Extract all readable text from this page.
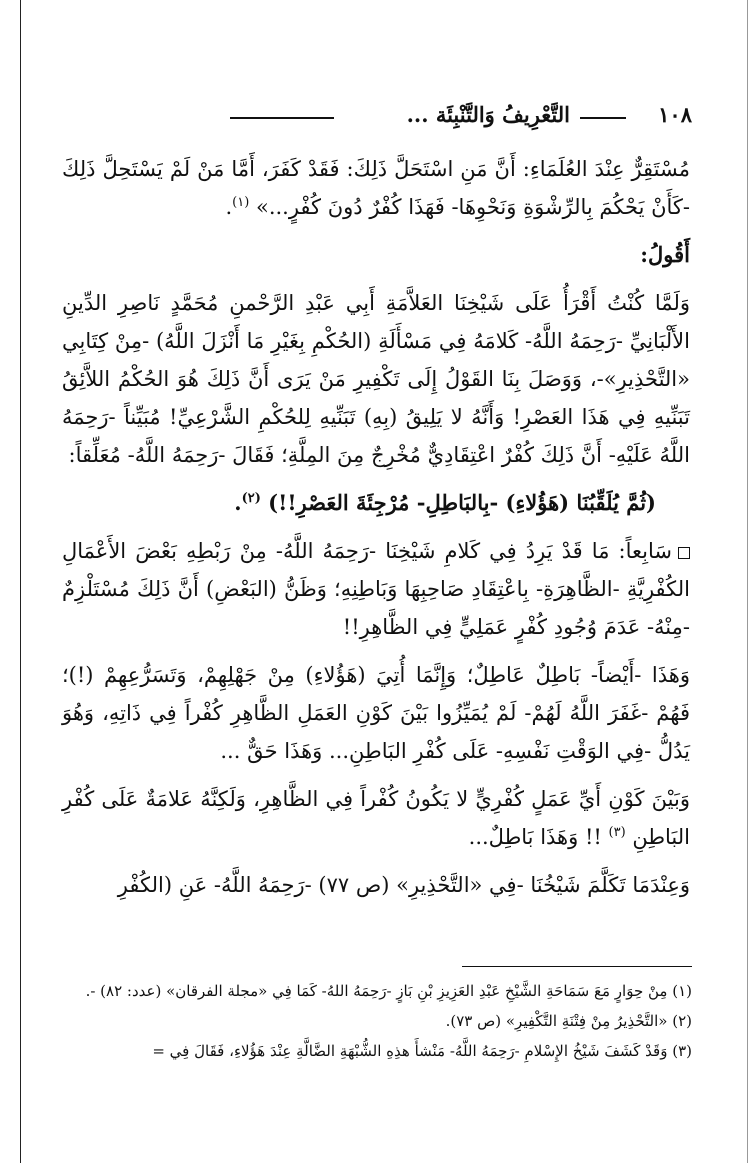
١٠٨
التَّعْرِيفُ وَالتَّنْبِئَة ...

مُسْتَقِرٌّ عِنْدَ العُلَمَاءِ: أَنَّ مَنِ اسْتَحَلَّ ذَلِكَ: فَقَدْ كَفَرَ، أَمَّا مَنْ لَمْ يَسْتَحِلَّ ذَلِكَ -كَأَنْ يَحْكُمَ بِالرِّشْوَةِ وَنَحْوِهَا- فَهَذَا كُفْرٌ دُونَ كُفْرٍ...» $^{(١)}$.

أَقُولُ:

وَلَمَّا كُنْتُ أَقْرَأُ عَلَى شَيْخِنَا العَلاَّمَةِ أَبِي عَبْدِ الرَّحْمنِ مُحَمَّدٍ نَاصِرِ الدِّينِ الأَلْبَانِيِّ -رَحِمَهُ اللَّهُ- كَلامَهُ فِي مَسْأَلَةِ (الحُكْمِ بِغَيْرِ مَا أَنْزَلَ اللَّهُ) -مِنْ كِتَابِي «التَّحْذِيرِ»-، وَوَصَلَ بِنَا القَوْلُ إِلَى تَكْفِيرِ مَنْ يَرَى أَنَّ ذَلِكَ هُوَ الحُكْمُ اللاَّئِقُ تَبَنِّيهِ فِي هَذَا العَصْرِ! وَأَنَّهُ لا يَلِيقُ (بِهِ) تَبَنِّيهِ لِلحُكْمِ الشَّرْعِيِّ! مُبَيِّناً -رَحِمَهُ اللَّهُ عَلَيْهِ- أَنَّ ذَلِكَ كُفْرٌ اعْتِقَادِيٌّ مُخْرِجٌ مِنَ المِلَّةِ؛ فَقَالَ -رَحِمَهُ اللَّهُ- مُعَلِّقاً:

(ثُمَّ يُلَقِّبُنَا (هَؤُلاءِ) -بِالبَاطِلِ- مُرْجِئَةَ العَصْرِ!!) $^{(٢)}$.

سَابِعاً: مَا قَدْ يَرِدُ فِي كَلامِ شَيْخِنَا -رَحِمَهُ اللَّهُ- مِنْ رَبْطِهِ بَعْضَ الأَعْمَالِ الكُفْرِيَّةِ -الظَّاهِرَةِ- بِاعْتِقَادِ صَاحِبِهَا وَبَاطِنِهِ؛ وَظَنُّ (البَعْضِ) أَنَّ ذَلِكَ مُسْتَلْزِمٌ -مِنْهُ- عَدَمَ وُجُودِ كُفْرٍ عَمَلِيٍّ فِي الظَّاهِرِ!!

وَهَذَا -أَيْضاً- بَاطِلٌ عَاطِلٌ؛ وَإِنَّمَا أُتِيَ (هَؤُلاءِ) مِنْ جَهْلِهِمْ، وَتَسَرُّعِهِمْ (!)؛ فَهُمْ -غَفَرَ اللَّهُ لَهُمْ- لَمْ يُمَيِّزُوا بَيْنَ كَوْنِ العَمَلِ الظَّاهِرِ كُفْراً فِي ذَاتِهِ، وَهُوَ يَدُلُّ -فِي الوَقْتِ نَفْسِهِ- عَلَى كُفْرِ البَاطِنِ... وَهَذَا حَقٌّ ...

وَبَيْنَ كَوْنِ أَيِّ عَمَلٍ كُفْرِيٍّ لا يَكُونُ كُفْراً فِي الظَّاهِرِ، وَلَكِنَّهُ عَلامَةٌ عَلَى كُفْرِ البَاطِنِ $^{(٣)}$ !! وَهَذَا بَاطِلٌ...

وَعِنْدَمَا تَكَلَّمَ شَيْخُنَا -فِي «التَّحْذِيرِ» (ص ٧٧) -رَحِمَهُ اللَّهُ- عَنِ (الكُفْرِ

(١) مِنْ حِوَارٍ مَعَ سَمَاحَةِ الشَّيْخِ عَبْدِ العَزِيزِ بْنِ بَازٍ -رَحِمَهُ اللهُ- كَمَا فِي «مجلة الفرقان» (عدد: ٨٢) -.

(٢) «التَّحْذِيرُ مِنْ فِتْنَةِ التَّكْفِيرِ» (ص ٧٣).

(٣) وَقَدْ كَشَفَ شَيْخُ الإِسْلامِ -رَحِمَهُ اللَّهُ- مَنْشأَ هذِهِ الشُّبْهَةِ الضَّالَّةِ عِنْدَ هَؤُلاءِ، فَقَالَ فِي =
